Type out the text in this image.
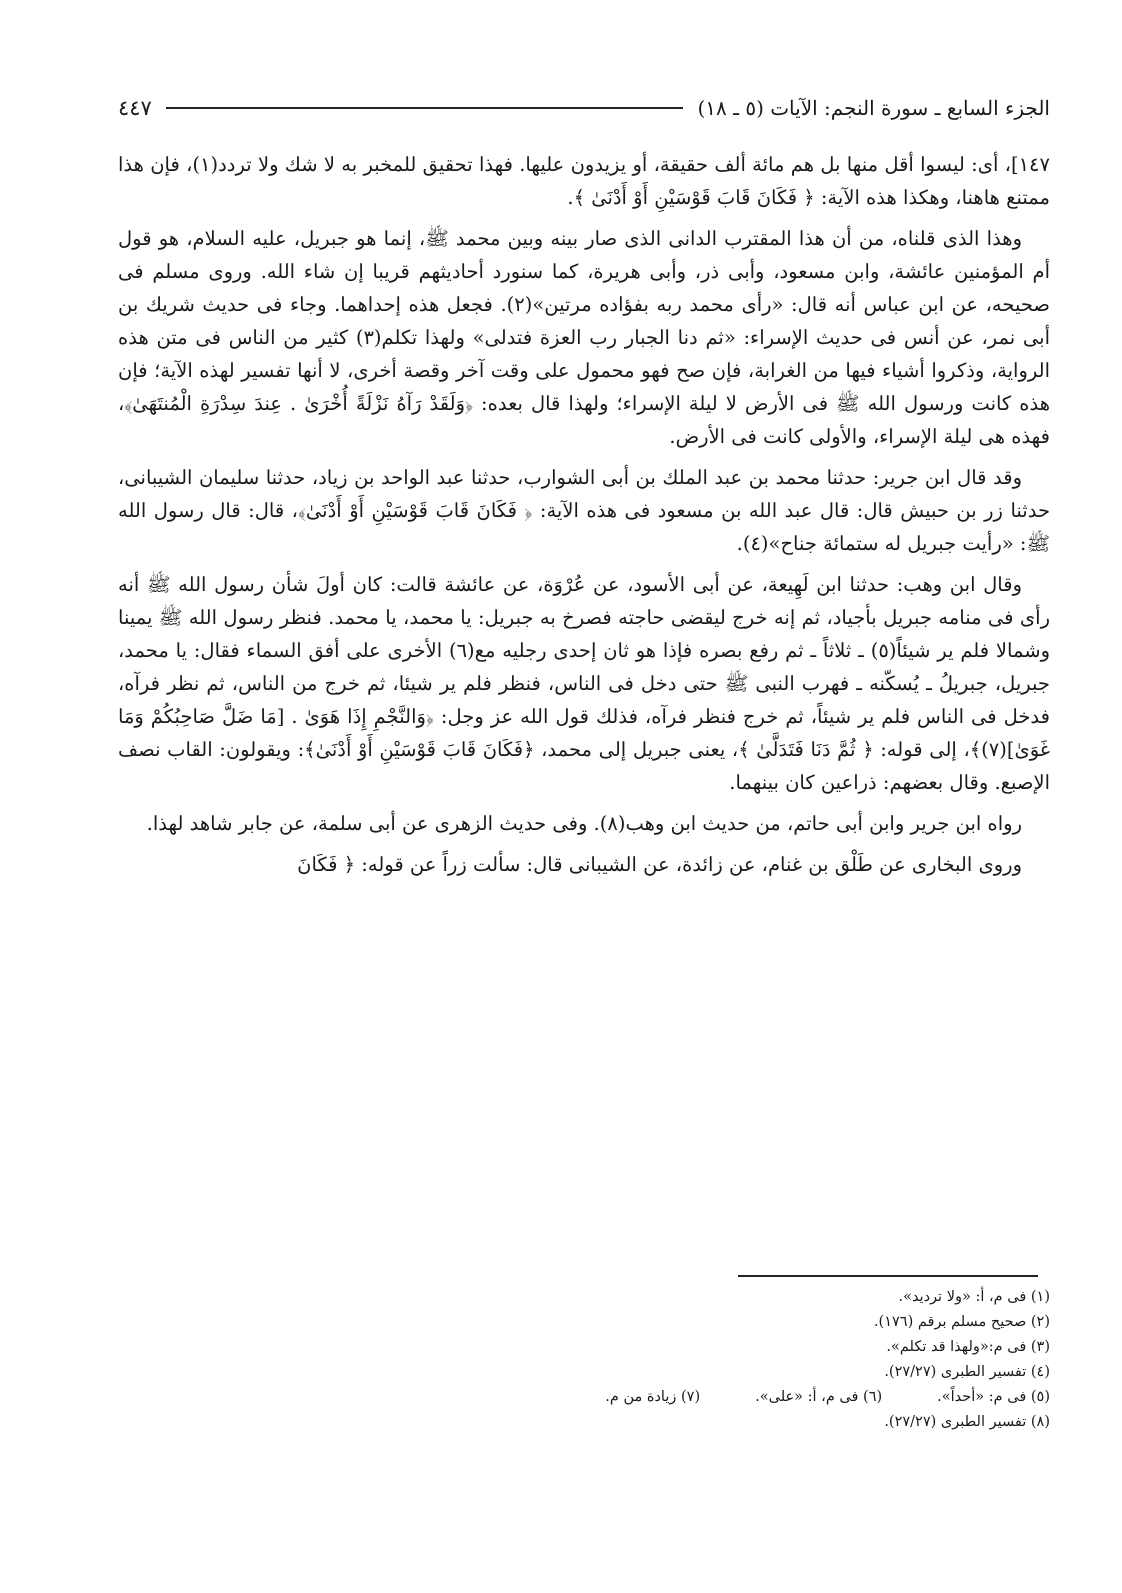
الجزء السابع ـ سورة النجم: الآيات (٥ ـ ١٨)
٤٤٧

١٤٧]، أى: ليسوا أقل منها بل هم مائة ألف حقيقة، أو يزيدون عليها. فهذا تحقيق للمخبر به لا شك ولا تردد(١)، فإن هذا ممتنع هاهنا، وهكذا هذه الآية: ﴿ فَكَانَ قَابَ قَوْسَيْنِ أَوْ أَدْنَىٰ ﴾.

وهذا الذى قلناه، من أن هذا المقترب الدانى الذى صار بينه وبين محمد ﷺ، إنما هو جبريل، عليه السلام، هو قول أم المؤمنين عائشة، وابن مسعود، وأبى ذر، وأبى هريرة، كما سنورد أحاديثهم قريبا إن شاء الله. وروى مسلم فى صحيحه، عن ابن عباس أنه قال: «رأى محمد ربه بفؤاده مرتين»(٢). فجعل هذه إحداهما. وجاء فى حديث شريك بن أبى نمر، عن أنس فى حديث الإسراء: «ثم دنا الجبار رب العزة فتدلى» ولهذا تكلم(٣) كثير من الناس فى متن هذه الرواية، وذكروا أشياء فيها من الغرابة، فإن صح فهو محمول على وقت آخر وقصة أخرى، لا أنها تفسير لهذه الآية؛ فإن هذه كانت ورسول الله ﷺ فى الأرض لا ليلة الإسراء؛ ولهذا قال بعده: ﴿وَلَقَدْ رَآهُ نَزْلَةً أُخْرَىٰ . عِندَ سِدْرَةِ الْمُنتَهَىٰ﴾، فهذه هى ليلة الإسراء، والأولى كانت فى الأرض.

وقد قال ابن جرير: حدثنا محمد بن عبد الملك بن أبى الشوارب، حدثنا عبد الواحد بن زياد، حدثنا سليمان الشيبانى، حدثنا زر بن حبيش قال: قال عبد الله بن مسعود فى هذه الآية: ﴿ فَكَانَ قَابَ قَوْسَيْنِ أَوْ أَدْنَىٰ﴾، قال: قال رسول الله ﷺ: «رأيت جبريل له ستمائة جناح»(٤).

وقال ابن وهب: حدثنا ابن لَهِيعة، عن أبى الأسود، عن عُرْوَة، عن عائشة قالت: كان أولَ شأن رسول الله ﷺ أنه رأى فى منامه جبريل بأجياد، ثم إنه خرج ليقضى حاجته فصرخ به جبريل: يا محمد، يا محمد. فنظر رسول الله ﷺ يمينا وشمالا فلم ير شيئاً(٥) ـ ثلاثاً ـ ثم رفع بصره فإذا هو ثان إحدى رجليه مع(٦) الأخرى على أفق السماء فقال: يا محمد، جبريل، جبريلُ ـ يُسكّنه ـ فهرب النبى ﷺ حتى دخل فى الناس، فنظر فلم ير شيئا، ثم خرج من الناس، ثم نظر فرآه، فدخل فى الناس فلم ير شيئاً، ثم خرج فنظر فرآه، فذلك قول الله عز وجل: ﴿وَالنَّجْمِ إِذَا هَوَىٰ . [مَا ضَلَّ صَاحِبُكُمْ وَمَا غَوَىٰ](٧)﴾، إلى قوله: ﴿ ثُمَّ دَنَا فَتَدَلَّىٰ ﴾، يعنى جبريل إلى محمد، ﴿فَكَانَ قَابَ قَوْسَيْنِ أَوْ أَدْنَىٰ﴾: ويقولون: القاب نصف الإصبع. وقال بعضهم: ذراعين كان بينهما.

رواه ابن جرير وابن أبى حاتم، من حديث ابن وهب(٨). وفى حديث الزهرى عن أبى سلمة، عن جابر شاهد لهذا.

وروى البخارى عن طَلْق بن غنام، عن زائدة، عن الشيبانى قال: سألت زراً عن قوله: ﴿ فَكَانَ

(١) فى م، أ: «ولا ترديد».
(٢) صحيح مسلم برقم (١٧٦).
(٣) فى م:«ولهذا قد تكلم».
(٤) تفسير الطبرى (٢٧/٢٧).
(٥) فى م: «أحداً».
(٦) فى م، أ: «على».
(٧) زيادة من م.
(٨) تفسير الطبرى (٢٧/٢٧).
